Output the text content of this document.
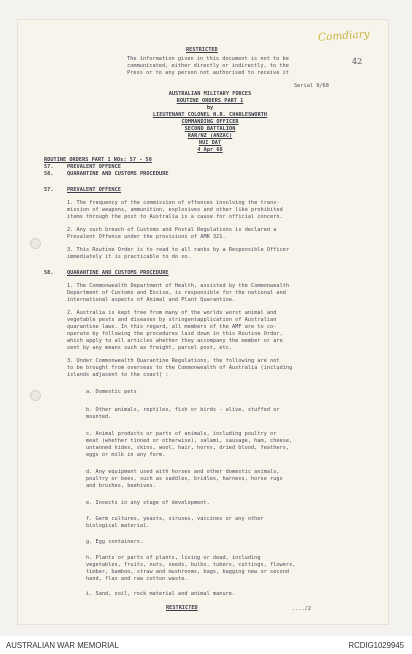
Comdiary
42
RESTRICTED
The information given in this document is not to be
communicated, either directly or indirectly, to the
Press or to any person not authorised to receive it
Serial 9/68
AUSTRALIAN MILITARY FORCES
ROUTINE ORDERS PART 1
by
LIEUTENANT COLONEL N.R. CHARLESWORTH
COMMANDING OFFICER
SECOND BATTALION
RAR/NZ (ANZAC)
NUI DAT
4 Apr 68
ROUTINE ORDERS PART 1 NOs: 57 - 58
57.	PREVALENT OFFENCE
58.	QUARANTINE AND CUSTOMS PROCEDURE
57.	PREVALENT OFFENCE
1. The frequency of the commission of offences involving the trans-
mission of weapons, ammunition, explosives and other like prohibited
items through the post to Australia is a cause for official concern.
2. Any such breach of Customs and Postal Regulations is declared a
Prevalent Offence under the provisions of AMR 321.
3. This Routine Order is to read to all ranks by a Responsible Officer
immediately it is practicable to do so.
58.	QUARANTINE AND CUSTOMS PROCEDURE
1. The Commonwealth Department of Health, assisted by the Commonwealth
Department of Customs and Excise, is responsible for the national and
international aspects of Animal and Plant Quarantine.
2. Australia is kept free from many of the worlds worst animal and
vegetable pests and diseases by stringentapplication of Australian
quarantine laws. In this regard, all members of the AMF are to co-
operate by following the procedures laid down in this Routine Order,
which apply to all articles whether they accompany the member or are
sent by any means such as freight, parcel post, etc.
3. Under Commonwealth Quarantine Regulations, the following are not
to be brought from overseas to the Commonwealth of Australia (including
islands adjacent to the coast) :
a. Domestic pets
b. Other animals, reptiles, fish or birds - alive, stuffed or
mounted.
c. Animal products or parts of animals, including poultry or
meat (whether tinned or otherwise), salami, sausage, ham, cheese,
untanned hides, skins, wool, hair, horns, dried blood, feathers,
eggs or milk in any form.
d. Any equipment used with horses and other domestic animals,
poultry or bees, such as saddles, bridles, harness, horse rugs
and brushes, beehives.
e. Insects in any stage of development.
f. Germ cultures, yeasts, viruses, vaccines or any other
biological material.
g. Egg containers.
h. Plants or parts of plants, living or dead, including
vegetables, fruits, nuts, seeds, bulbs, tubers, cuttings, flowers,
timber, bamboo, straw and mushrooms, bags, bagging new or second
hand, flax and raw cotton waste.
i. Sand, soil, rock material and animal manure.
RESTRICTED	..../2
AUSTRALIAN WAR MEMORIAL	RCDIG1029945
